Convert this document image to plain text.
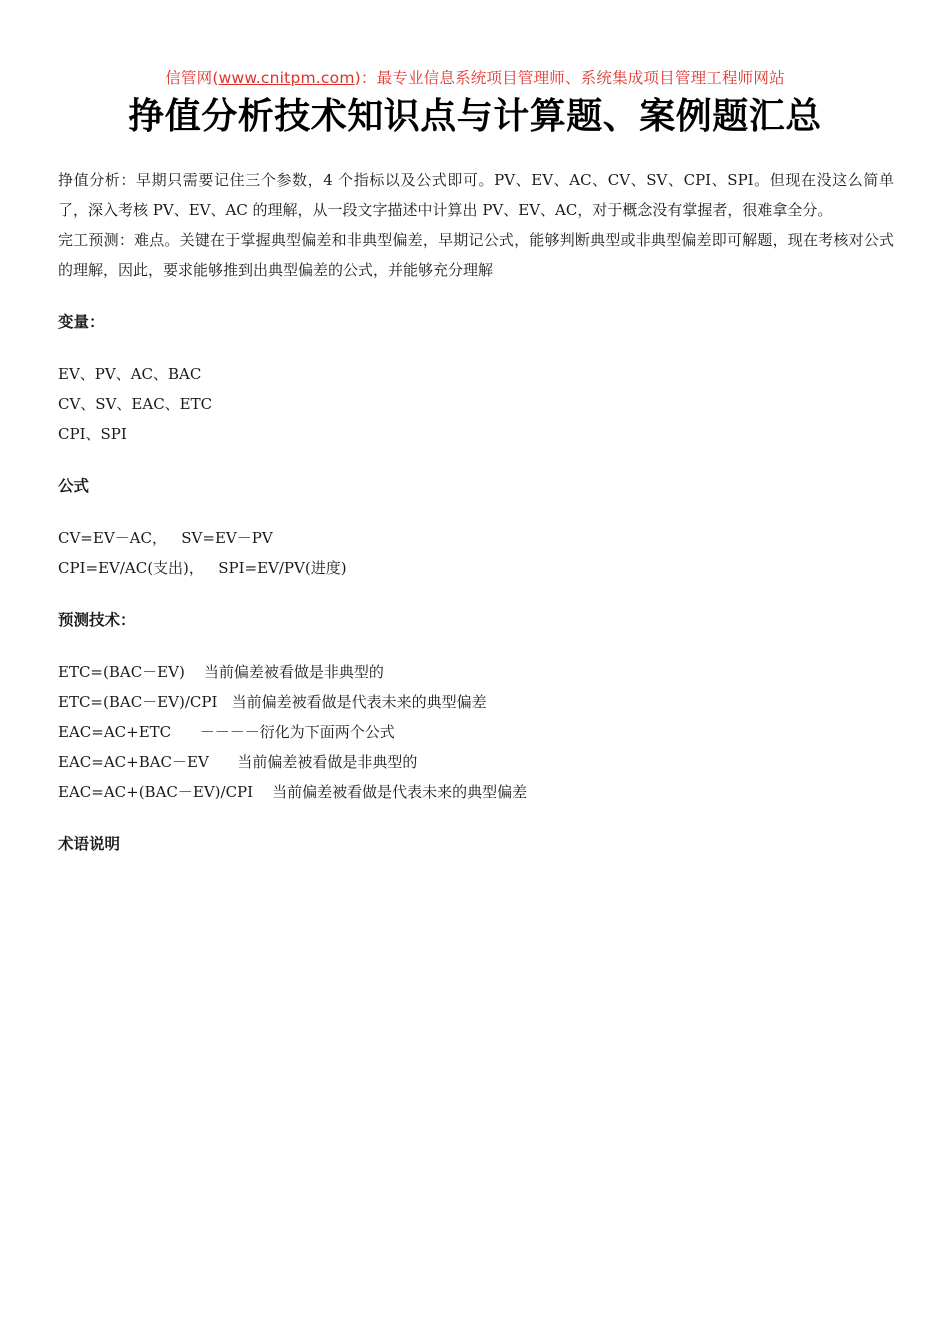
信管网(www.cnitpm.com)：最专业信息系统项目管理师、系统集成项目管理工程师网站
挣值分析技术知识点与计算题、案例题汇总

挣值分析：早期只需要记住三个参数，4 个指标以及公式即可。PV、EV、AC、CV、SV、CPI、SPI。但现在没这么简单了，深入考核 PV、EV、AC 的理解，从一段文字描述中计算出 PV、EV、AC，对于概念没有掌握者，很难拿全分。

完工预测：难点。关键在于掌握典型偏差和非典型偏差，早期记公式，能够判断典型或非典型偏差即可解题，现在考核对公式的理解，因此，要求能够推到出典型偏差的公式，并能够充分理解

变量：
EV、PV、AC、BAC
CV、SV、EAC、ETC
CPI、SPI
公式
CV=EV－AC，   SV=EV－PV
CPI=EV/AC(支出)，   SPI=EV/PV(进度)
预测技术：
ETC=(BAC－EV)    当前偏差被看做是非典型的
ETC=(BAC－EV)/CPI   当前偏差被看做是代表未来的典型偏差
EAC=AC+ETC      －－－－衍化为下面两个公式
EAC=AC+BAC－EV      当前偏差被看做是非典型的
EAC=AC+(BAC－EV)/CPI    当前偏差被看做是代表未来的典型偏差
术语说明
